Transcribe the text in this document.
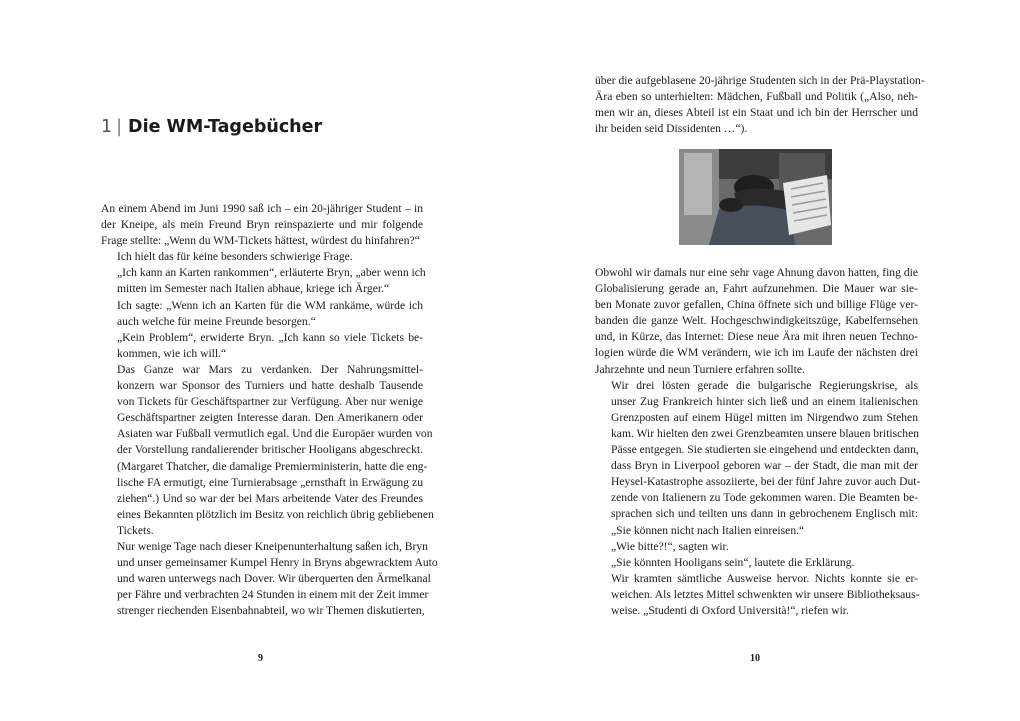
1 | Die WM-Tagebücher
9	10
An einem Abend im Juni 1990 saß ich – ein 20-jähriger Student – in
der Kneipe, als mein Freund Bryn reinspazierte und mir folgende
Frage stellte: „Wenn du WM-Tickets hättest, würdest du hinfahren?“
Ich hielt das für keine besonders schwierige Frage.
„Ich kann an Karten rankommen“, erläuterte Bryn, „aber wenn ich
mitten im Semester nach Italien abhaue, kriege ich Ärger.“
Ich sagte: „Wenn ich an Karten für die WM rankäme, würde ich
auch welche für meine Freunde besorgen.“
„Kein Problem“, erwiderte Bryn. „Ich kann so viele Tickets be-
kommen, wie ich will.“
Das Ganze war Mars zu verdanken. Der Nahrungsmittel-
konzern war Sponsor des Turniers und hatte deshalb Tausende
von Tickets für Geschäftspartner zur Verfügung. Aber nur wenige
Geschäftspartner zeigten Interesse daran. Den Amerikanern oder
Asiaten war Fußball vermutlich egal. Und die Europäer wurden von
der Vorstellung randalierender britischer Hooligans abgeschreckt.
(Margaret Thatcher, die damalige Premierministerin, hatte die eng-
lische FA ermutigt, eine Turnierabsage „ernsthaft in Erwägung zu
ziehen“.) Und so war der bei Mars arbeitende Vater des Freundes
eines Bekannten plötzlich im Besitz von reichlich übrig gebliebenen
Tickets.
Nur wenige Tage nach dieser Kneipenunterhaltung saßen ich, Bryn
und unser gemeinsamer Kumpel Henry in Bryns abgewracktem Auto
und waren unterwegs nach Dover. Wir überquerten den Ärmelkanal
per Fähre und verbrachten 24 Stunden in einem mit der Zeit immer
strenger riechenden Eisenbahnabteil, wo wir Themen diskutierten,
über die aufgeblasene 20-jährige Studenten sich in der Prä-Playstation-
Ära eben so unterhielten: Mädchen, Fußball und Politik („Also, neh-
men wir an, dieses Abteil ist ein Staat und ich bin der Herrscher und
ihr beiden seid Dissidenten …“).
Obwohl wir damals nur eine sehr vage Ahnung davon hatten, fing die
Globalisierung gerade an, Fahrt aufzunehmen. Die Mauer war sie-
ben Monate zuvor gefallen, China öffnete sich und billige Flüge ver-
banden die ganze Welt. Hochgeschwindigkeitszüge, Kabelfernsehen
und, in Kürze, das Internet: Diese neue Ära mit ihren neuen Techno-
logien würde die WM verändern, wie ich im Laufe der nächsten drei
Jahrzehnte und neun Turniere erfahren sollte.
Wir drei lösten gerade die bulgarische Regierungskrise, als
unser Zug Frankreich hinter sich ließ und an einem italienischen
Grenzposten auf einem Hügel mitten im Nirgendwo zum Stehen
kam. Wir hielten den zwei Grenzbeamten unsere blauen britischen
Pässe entgegen. Sie studierten sie eingehend und entdeckten dann,
dass Bryn in Liverpool geboren war – der Stadt, die man mit der
Heysel-Katastrophe assoziierte, bei der fünf Jahre zuvor auch Dut-
zende von Italienern zu Tode gekommen waren. Die Beamten be-
sprachen sich und teilten uns dann in gebrochenem Englisch mit:
„Sie können nicht nach Italien einreisen.“
„Wie bitte?!“, sagten wir.
„Sie könnten Hooligans sein“, lautete die Erklärung.
Wir kramten sämtliche Ausweise hervor. Nichts konnte sie er-
weichen. Als letztes Mittel schwenkten wir unsere Bibliotheksaus-
weise. „Studenti di Oxford Università!“, riefen wir.
